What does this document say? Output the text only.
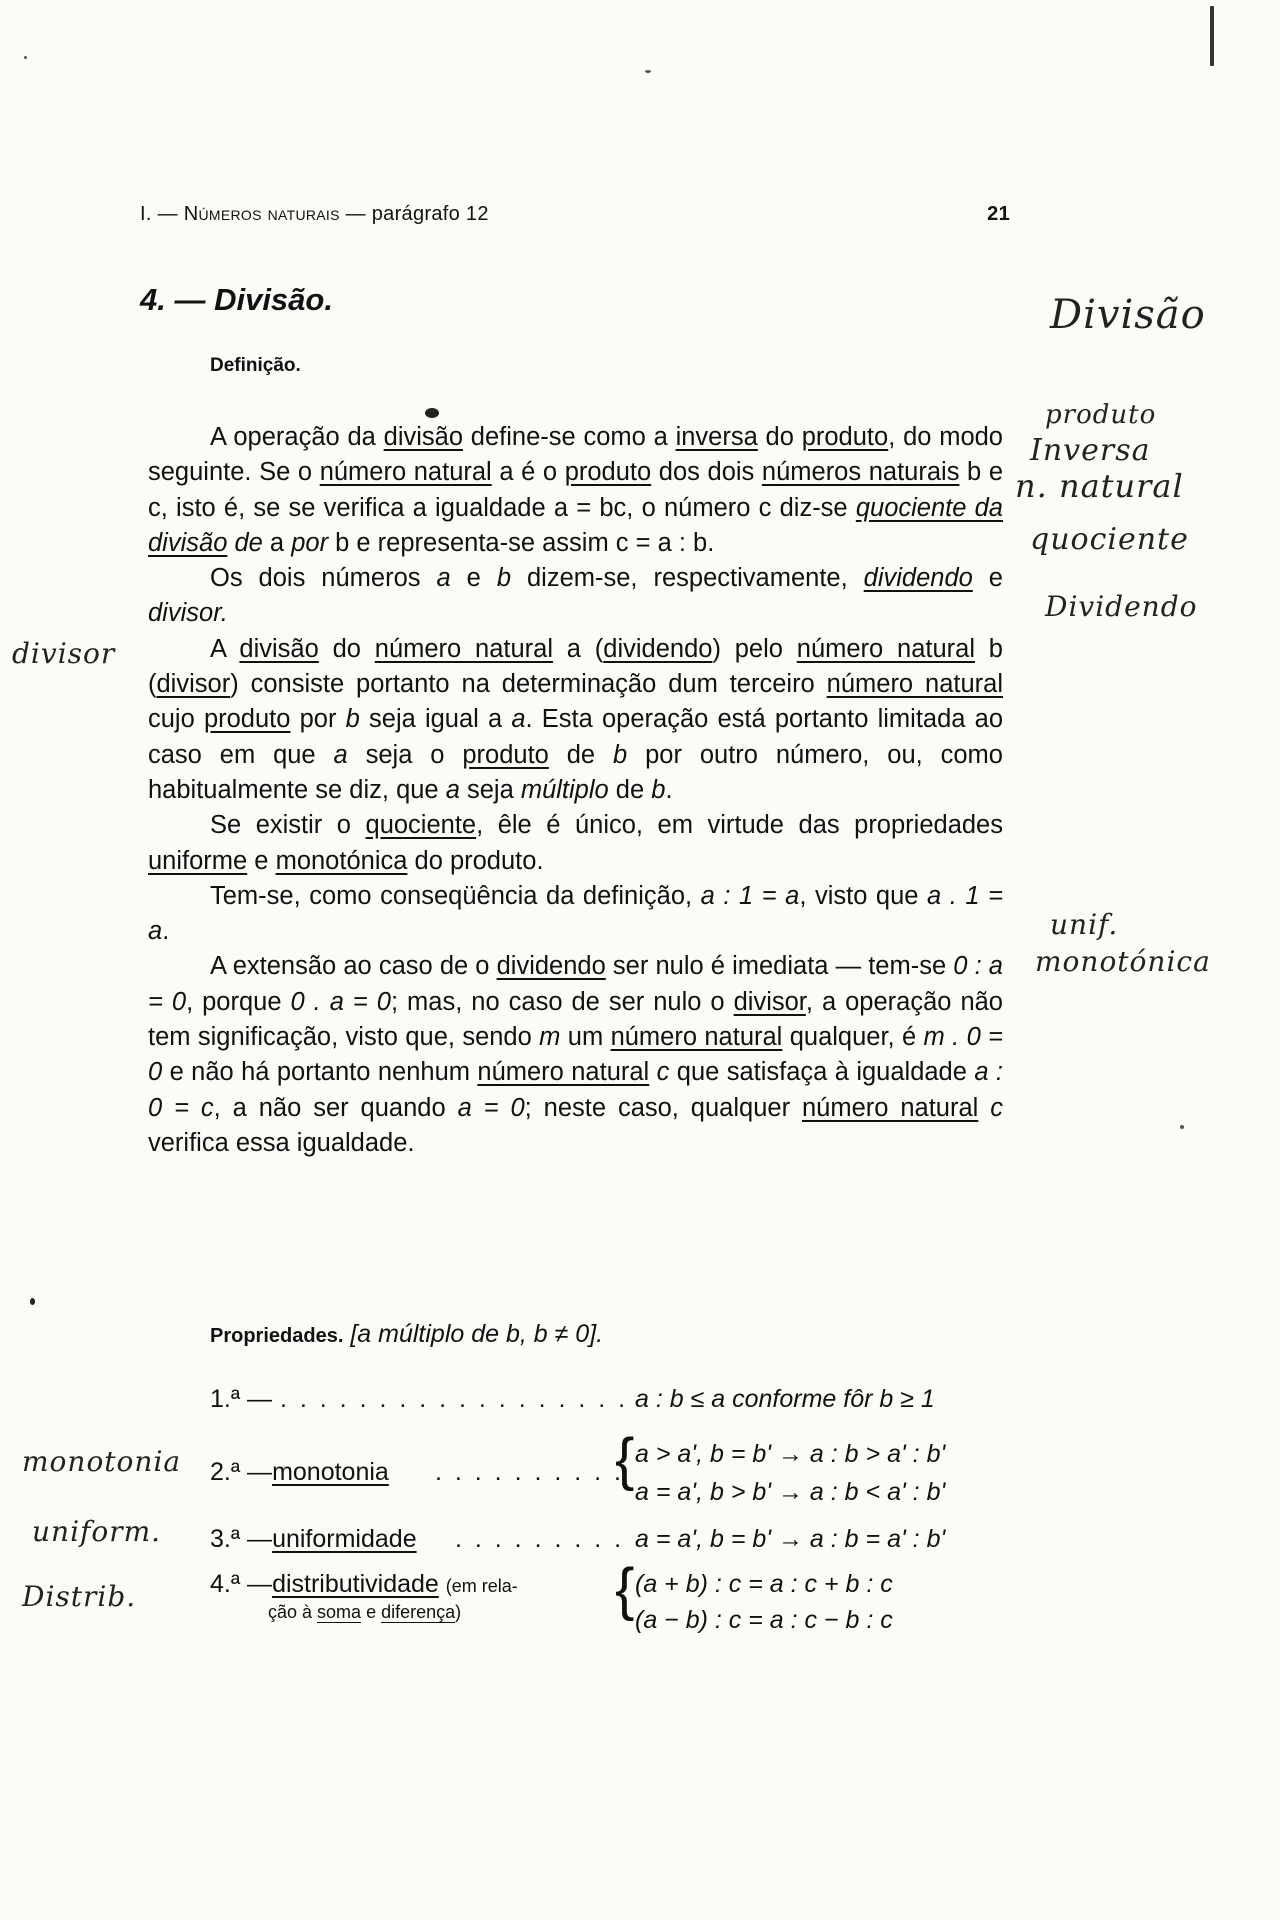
I. — Números naturais — parágrafo 12	21
4. — Divisão.
Definição.

A operação da divisão define-se como a inversa do produto, do modo seguinte. Se o número natural a é o produto dos dois números naturais b e c, isto é, se se verifica a igualdade a = bc, o número c diz-se quociente da divisão de a por b e representa-se assim c = a : b.

Os dois números a e b dizem-se, respectivamente, dividendo e divisor.

A divisão do número natural a (dividendo) pelo número natural b (divisor) consiste portanto na determinação dum terceiro número natural cujo produto por b seja igual a a. Esta operação está portanto limitada ao caso em que a seja o produto de b por outro número, ou, como habitualmente se diz, que a seja múltiplo de b.

Se existir o quociente, êle é único, em virtude das propriedades uniforme e monotónica do produto.

Tem-se, como conseqüência da definição, a : 1 = a, visto que a . 1 = a.

A extensão ao caso de o dividendo ser nulo é imediata — tem-se 0 : a = 0, porque 0 . a = 0; mas, no caso de ser nulo o divisor, a operação não tem significação, visto que, sendo m um número natural qualquer, é m . 0 = 0 e não há portanto nenhum número natural c que satisfaça à igualdade a : 0 = c, a não ser quando a = 0; neste caso, qualquer número natural c verifica essa igualdade.

Propriedades. [a múltiplo de b, b ≠ 0].
1.ª — . . . . . . . . . . . . . . . . . . a : b ≤ a conforme fôr b ≥ 1
2.ª —monotonia . . . . . . . . . .
{ a > a', b = b' → a : b > a' : b'
a = a', b > b' → a : b < a' : b'
3.ª —uniformidade . . . . . . . . . a = a', b = b' → a : b = a' : b'
4.ª —distributividade (em rela-
ção à soma e diferença)	{ (a + b) : c = a : c + b : c
(a − b) : c = a : c − b : c
Divisão
produto
Inversa
n. natural
quociente
Dividendo
divisor
unif.
monotónica
monotonia
uniform.
Distrib.
